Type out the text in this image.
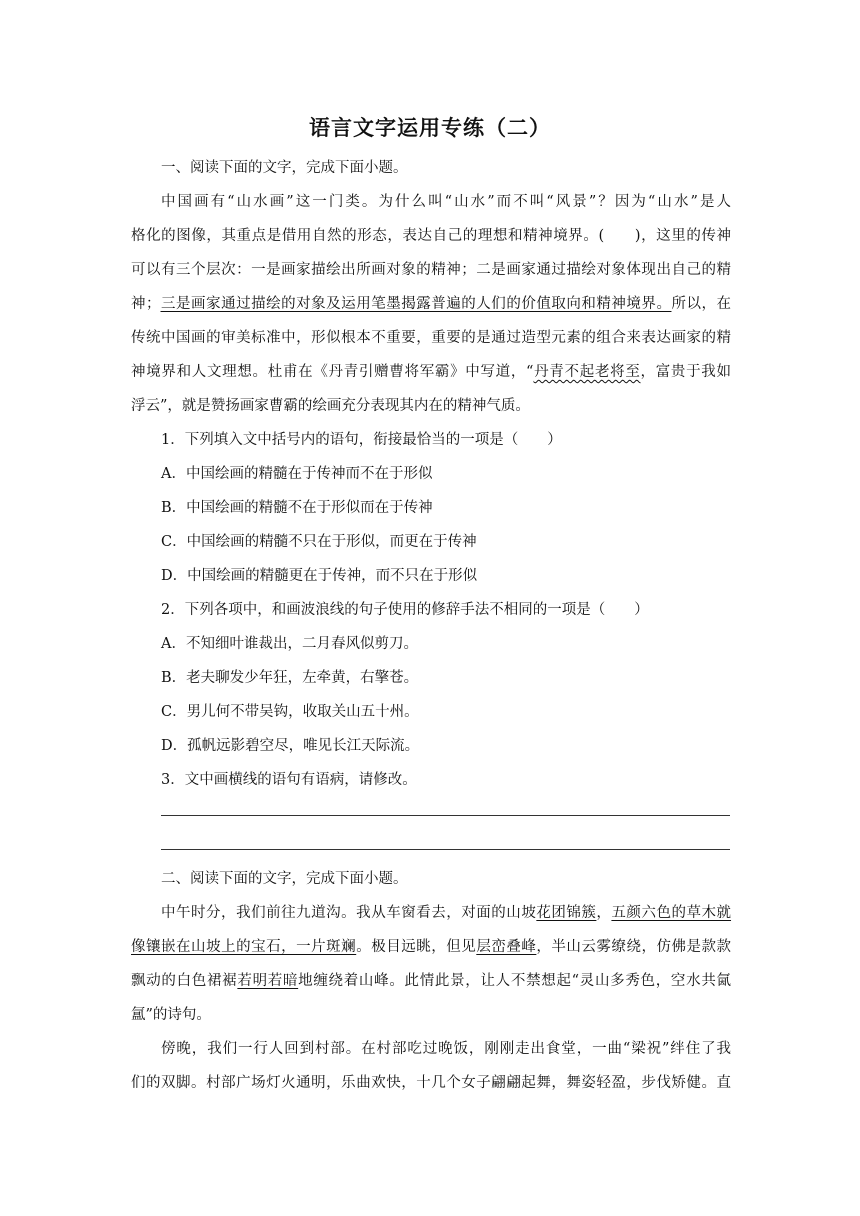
语言文字运用专练（二）
一、阅读下面的文字，完成下面小题。
中国画有“山水画”这一门类。为什么叫“山水”而不叫“风景”？因为“山水”是人
格化的图像，其重点是借用自然的形态，表达自己的理想和精神境界。(　　)，这里的传神
可以有三个层次：一是画家描绘出所画对象的精神；二是画家通过描绘对象体现出自己的精
神；三是画家通过描绘的对象及运用笔墨揭露普遍的人们的价值取向和精神境界。所以，在
传统中国画的审美标准中，形似根本不重要，重要的是通过造型元素的组合来表达画家的精
神境界和人文理想。杜甫在《丹青引赠曹将军霸》中写道，“丹青不起老将至，富贵于我如
浮云”，就是赞扬画家曹霸的绘画充分表现其内在的精神气质。
1．下列填入文中括号内的语句，衔接最恰当的一项是（　　）
A．中国绘画的精髓在于传神而不在于形似
B．中国绘画的精髓不在于形似而在于传神
C．中国绘画的精髓不只在于形似，而更在于传神
D．中国绘画的精髓更在于传神，而不只在于形似
2．下列各项中，和画波浪线的句子使用的修辞手法不相同的一项是（　　）
A．不知细叶谁裁出，二月春风似剪刀。
B．老夫聊发少年狂，左牵黄，右擎苍。
C．男儿何不带吴钩，收取关山五十州。
D．孤帆远影碧空尽，唯见长江天际流。
3．文中画横线的语句有语病，请修改。
二、阅读下面的文字，完成下面小题。
中午时分，我们前往九道沟。我从车窗看去，对面的山坡花团锦簇，五颜六色的草木就
像镶嵌在山坡上的宝石，一片斑斓。极目远眺，但见层峦叠峰，半山云雾缭绕，仿佛是款款
飘动的白色裙裾若明若暗地缠绕着山峰。此情此景，让人不禁想起“灵山多秀色，空水共氤
氲”的诗句。
傍晚，我们一行人回到村部。在村部吃过晚饭，刚刚走出食堂，一曲“梁祝”绊住了我
们的双脚。村部广场灯火通明，乐曲欢快，十几个女子翩翩起舞，舞姿轻盈，步伐矫健。直
